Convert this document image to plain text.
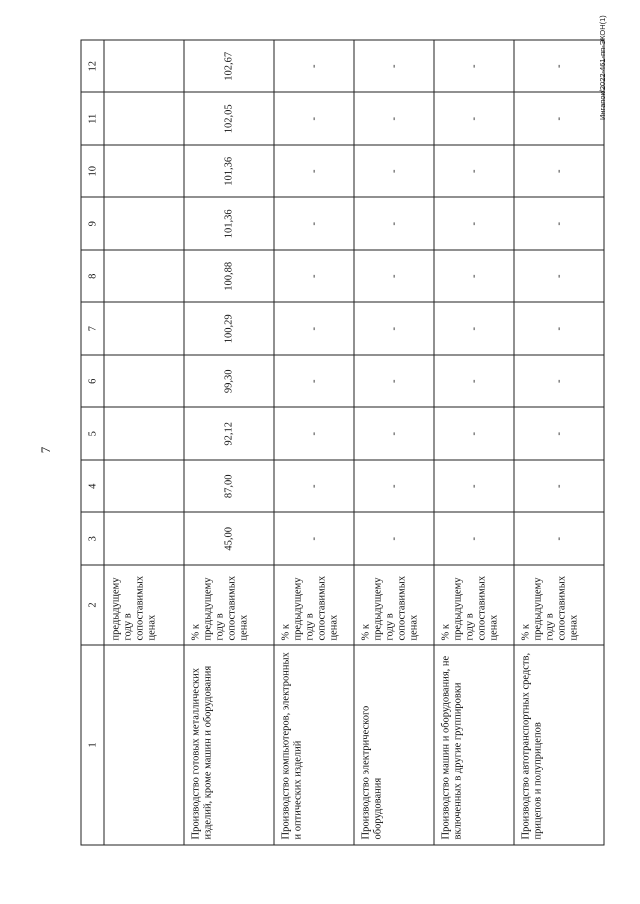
7
Ингапок/2022-461-пп-ЭКОН(1)
1	2	3	4	5	6	7	8	9	10	11	12
	предыдущему году в сопоставимых ценах										
Производство готовых металлических изделий, кроме машин и оборудования	% к предыдущему году в сопоставимых ценах	45,00	87,00	92,12	99,30	100,29	100,88	101,36	101,36	102,05	102,67
Производство компьютеров, электронных и оптических изделий	% к предыдущему году в сопоставимых ценах	-	-	-	-	-	-	-	-	-	-
Производство электрического оборудования	% к предыдущему году в сопоставимых ценах	-	-	-	-	-	-	-	-	-	-
Производство машин и оборудования, не включенных в другие группировки	% к предыдущему году в сопоставимых ценах	-	-	-	-	-	-	-	-	-	-
Производство автотранспортных средств, прицепов и полуприцепов	% к предыдущему году в сопоставимых ценах	-	-	-	-	-	-	-	-	-	-
